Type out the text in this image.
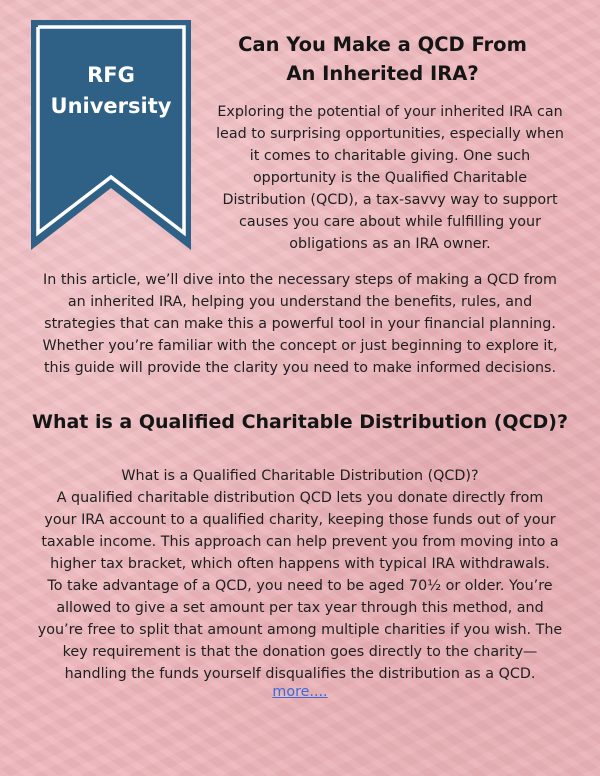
RFG
University
Can You Make a QCD From
An Inherited IRA?
Exploring the potential of your inherited IRA can
lead to surprising opportunities, especially when
it comes to charitable giving. One such
opportunity is the Qualified Charitable
Distribution (QCD), a tax-savvy way to support
causes you care about while fulfilling your
obligations as an IRA owner.
In this article, we’ll dive into the necessary steps of making a QCD from
an inherited IRA, helping you understand the benefits, rules, and
strategies that can make this a powerful tool in your financial planning.
Whether you’re familiar with the concept or just beginning to explore it,
this guide will provide the clarity you need to make informed decisions.
What is a Qualified Charitable Distribution (QCD)?
What is a Qualified Charitable Distribution (QCD)?
A qualified charitable distribution QCD lets you donate directly from
your IRA account to a qualified charity, keeping those funds out of your
taxable income. This approach can help prevent you from moving into a
higher tax bracket, which often happens with typical IRA withdrawals.
To take advantage of a QCD, you need to be aged 70½ or older. You’re
allowed to give a set amount per tax year through this method, and
you’re free to split that amount among multiple charities if you wish. The
key requirement is that the donation goes directly to the charity—
handling the funds yourself disqualifies the distribution as a QCD.
more....
